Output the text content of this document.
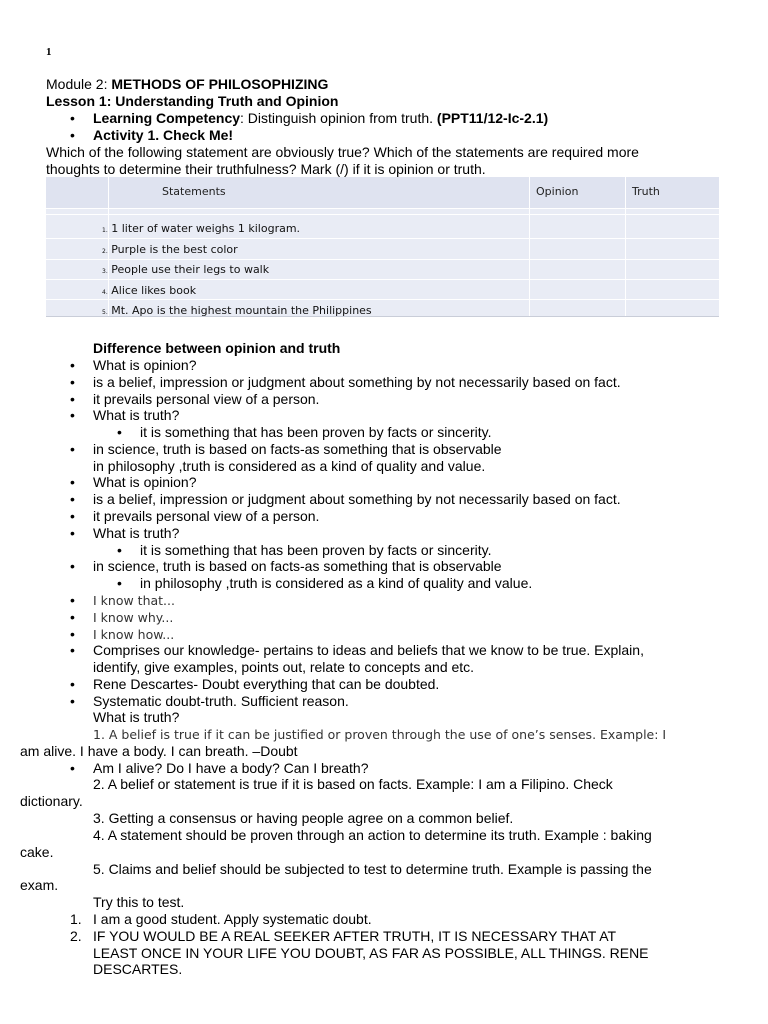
1
Module 2: METHODS OF PHILOSOPHIZING
Lesson 1: Understanding Truth and Opinion
• Learning Competency: Distinguish opinion from truth. (PPT11/12-Ic-2.1)
• Activity 1. Check Me!
Which of the following statement are obviously true? Which of the statements are required more
thoughts to determine their truthfulness? Mark (/) if it is opinion or truth.
Statements	Opinion	Truth
1. 1 liter of water weighs 1 kilogram.
2. Purple is the best color
3. People use their legs to walk
4. Alice likes book
5. Mt. Apo is the highest mountain the Philippines
Difference between opinion and truth
• What is opinion?
• is a belief, impression or judgment about something by not necessarily based on fact.
• it prevails personal view of a person.
• What is truth?
• it is something that has been proven by facts or sincerity.
• in science, truth is based on facts-as something that is observable
in philosophy ,truth is considered as a kind of quality and value.
• What is opinion?
• is a belief, impression or judgment about something by not necessarily based on fact.
• it prevails personal view of a person.
• What is truth?
• it is something that has been proven by facts or sincerity.
• in science, truth is based on facts-as something that is observable
• in philosophy ,truth is considered as a kind of quality and value.
• I know that...
• I know why...
• I know how...
• Comprises our knowledge- pertains to ideas and beliefs that we know to be true. Explain,
identify, give examples, points out, relate to concepts and etc.
• Rene Descartes- Doubt everything that can be doubted.
• Systematic doubt-truth. Sufficient reason.
What is truth?
1. A belief is true if it can be justified or proven through the use of one’s senses. Example: I
am alive. I have a body. I can breath. –Doubt
• Am I alive? Do I have a body? Can I breath?
2. A belief or statement is true if it is based on facts. Example: I am a Filipino. Check
dictionary.
3. Getting a consensus or having people agree on a common belief.
4. A statement should be proven through an action to determine its truth. Example : baking
cake.
5. Claims and belief should be subjected to test to determine truth. Example is passing the
exam.
Try this to test.
1. I am a good student. Apply systematic doubt.
2. IF YOU WOULD BE A REAL SEEKER AFTER TRUTH, IT IS NECESSARY THAT AT
LEAST ONCE IN YOUR LIFE YOU DOUBT, AS FAR AS POSSIBLE, ALL THINGS. RENE
DESCARTES.
